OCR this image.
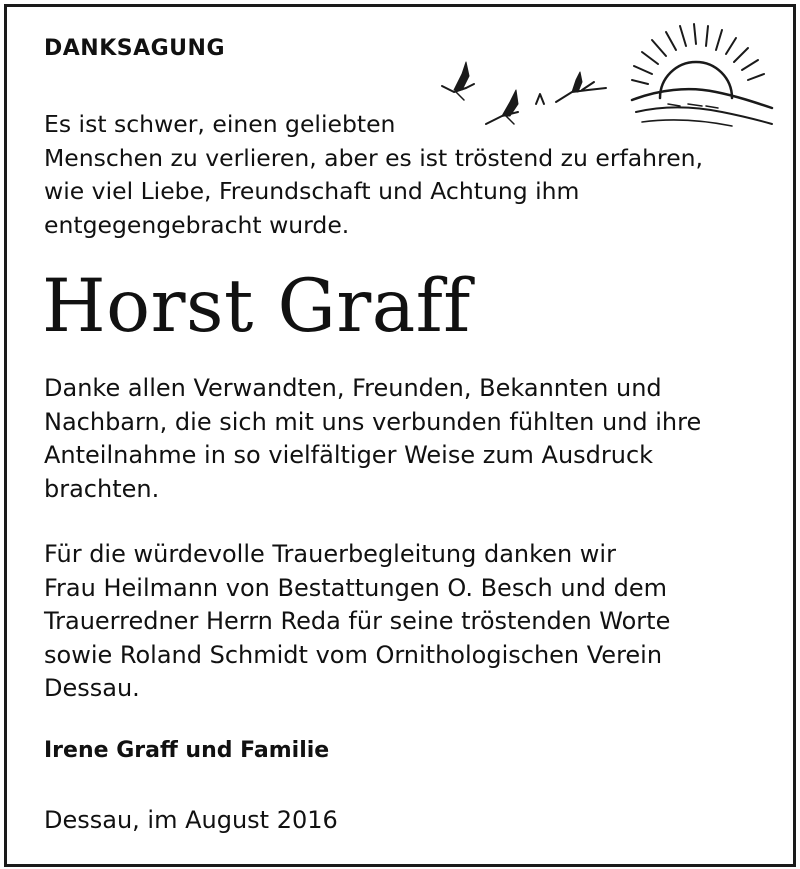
DANKSAGUNG
Es ist schwer, einen geliebten
Menschen zu verlieren, aber es ist tröstend zu erfahren,
wie viel Liebe, Freundschaft und Achtung ihm
entgegengebracht wurde.
Horst Graff
Danke allen Verwandten, Freunden, Bekannten und
Nachbarn, die sich mit uns verbunden fühlten und ihre
Anteilnahme in so vielfältiger Weise zum Ausdruck
brachten.
Für die würdevolle Trauerbegleitung danken wir
Frau Heilmann von Bestattungen O. Besch und dem
Trauerredner Herrn Reda für seine tröstenden Worte
sowie Roland Schmidt vom Ornithologischen Verein
Dessau.
Irene Graff und Familie
Dessau, im August 2016
